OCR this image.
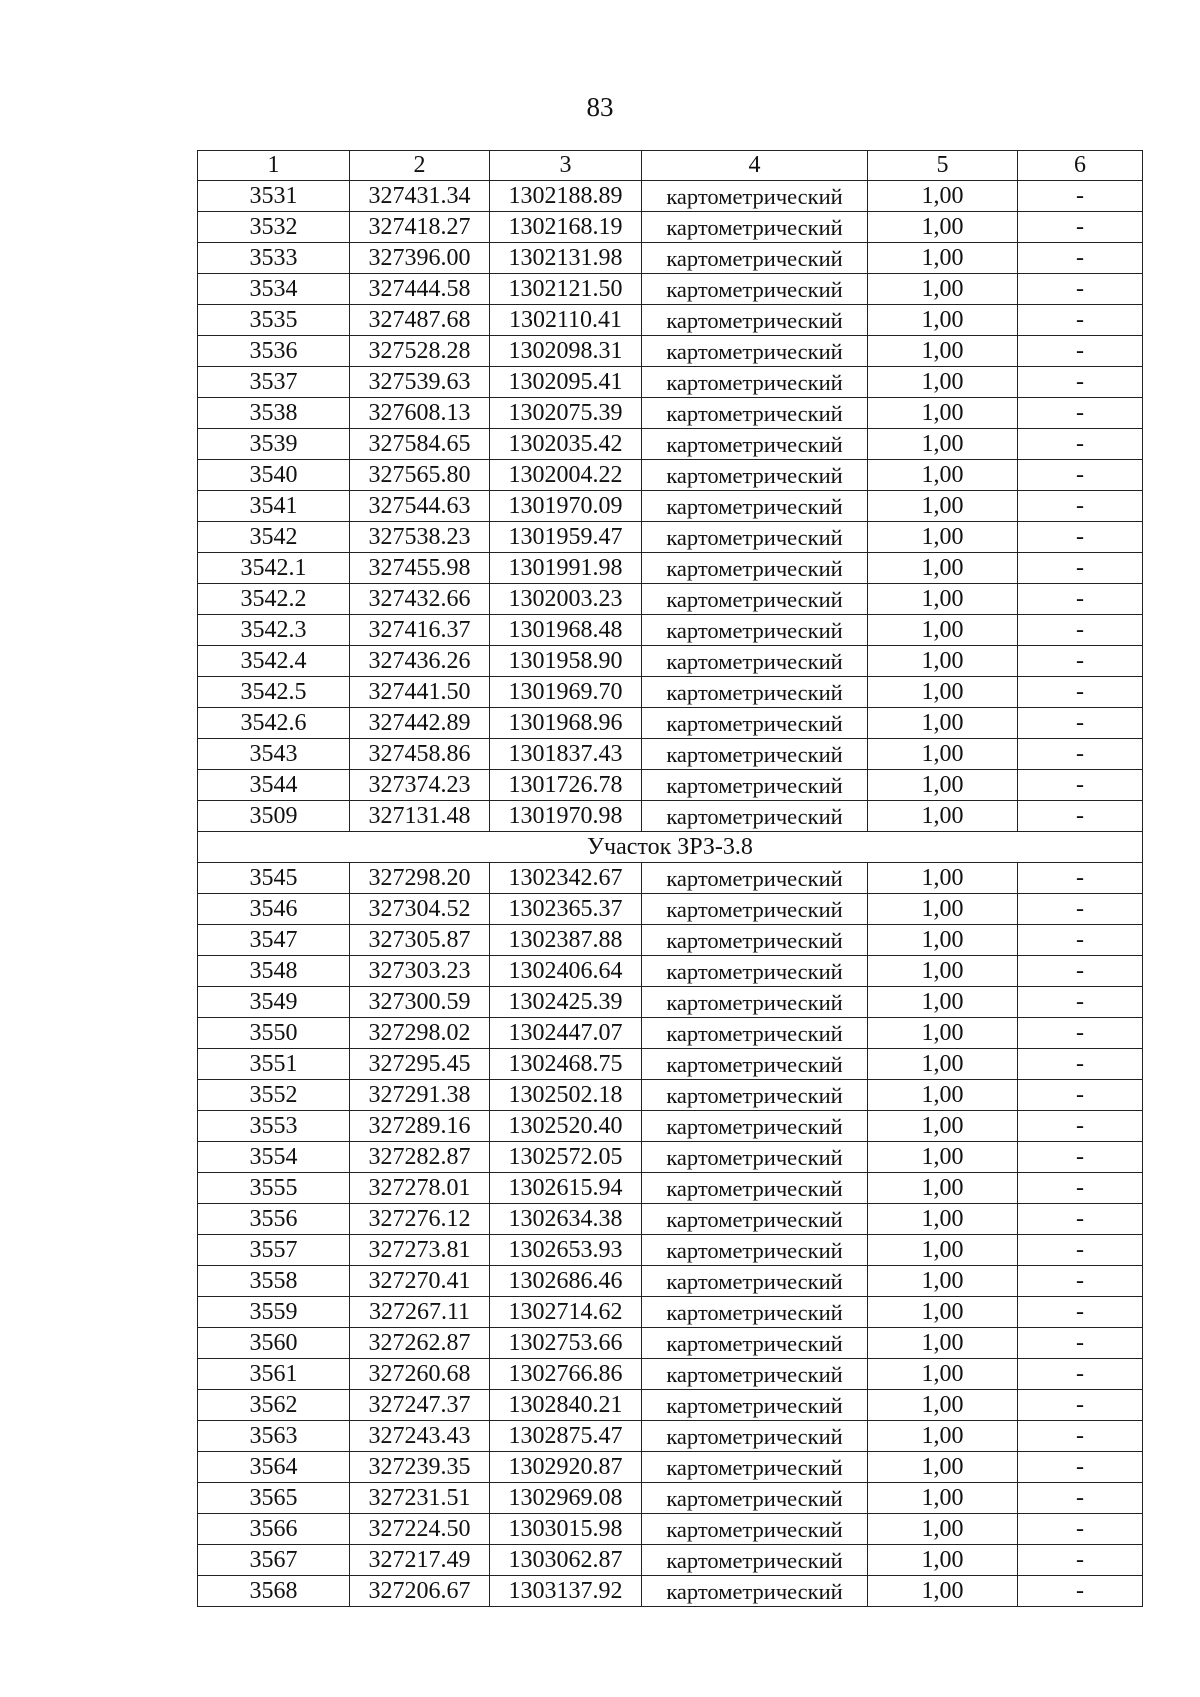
83
1	2	3	4	5	6
3531	327431.34	1302188.89	картометрический	1,00	-
3532	327418.27	1302168.19	картометрический	1,00	-
3533	327396.00	1302131.98	картометрический	1,00	-
3534	327444.58	1302121.50	картометрический	1,00	-
3535	327487.68	1302110.41	картометрический	1,00	-
3536	327528.28	1302098.31	картометрический	1,00	-
3537	327539.63	1302095.41	картометрический	1,00	-
3538	327608.13	1302075.39	картометрический	1,00	-
3539	327584.65	1302035.42	картометрический	1,00	-
3540	327565.80	1302004.22	картометрический	1,00	-
3541	327544.63	1301970.09	картометрический	1,00	-
3542	327538.23	1301959.47	картометрический	1,00	-
3542.1	327455.98	1301991.98	картометрический	1,00	-
3542.2	327432.66	1302003.23	картометрический	1,00	-
3542.3	327416.37	1301968.48	картометрический	1,00	-
3542.4	327436.26	1301958.90	картометрический	1,00	-
3542.5	327441.50	1301969.70	картометрический	1,00	-
3542.6	327442.89	1301968.96	картометрический	1,00	-
3543	327458.86	1301837.43	картометрический	1,00	-
3544	327374.23	1301726.78	картометрический	1,00	-
3509	327131.48	1301970.98	картометрический	1,00	-
Участок ЗРЗ-3.8					
3545	327298.20	1302342.67	картометрический	1,00	-
3546	327304.52	1302365.37	картометрический	1,00	-
3547	327305.87	1302387.88	картометрический	1,00	-
3548	327303.23	1302406.64	картометрический	1,00	-
3549	327300.59	1302425.39	картометрический	1,00	-
3550	327298.02	1302447.07	картометрический	1,00	-
3551	327295.45	1302468.75	картометрический	1,00	-
3552	327291.38	1302502.18	картометрический	1,00	-
3553	327289.16	1302520.40	картометрический	1,00	-
3554	327282.87	1302572.05	картометрический	1,00	-
3555	327278.01	1302615.94	картометрический	1,00	-
3556	327276.12	1302634.38	картометрический	1,00	-
3557	327273.81	1302653.93	картометрический	1,00	-
3558	327270.41	1302686.46	картометрический	1,00	-
3559	327267.11	1302714.62	картометрический	1,00	-
3560	327262.87	1302753.66	картометрический	1,00	-
3561	327260.68	1302766.86	картометрический	1,00	-
3562	327247.37	1302840.21	картометрический	1,00	-
3563	327243.43	1302875.47	картометрический	1,00	-
3564	327239.35	1302920.87	картометрический	1,00	-
3565	327231.51	1302969.08	картометрический	1,00	-
3566	327224.50	1303015.98	картометрический	1,00	-
3567	327217.49	1303062.87	картометрический	1,00	-
3568	327206.67	1303137.92	картометрический	1,00	-
